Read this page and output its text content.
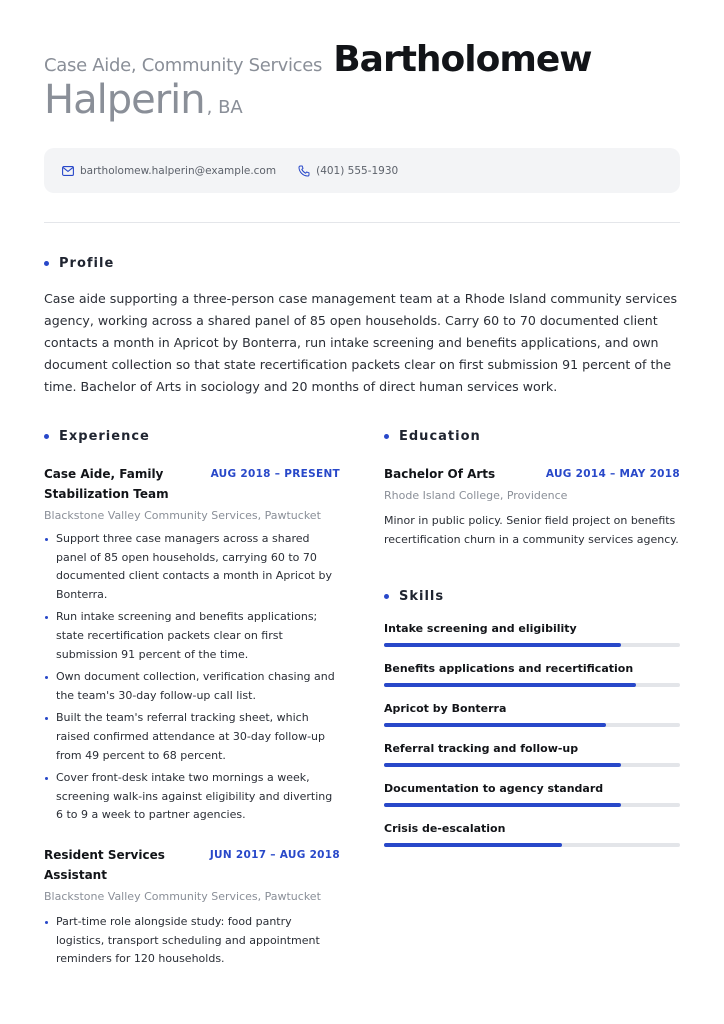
Case Aide, Community Services Bartholomew
Halperin , BA
bartholomew.halperin@example.com	(401) 555-1930
Profile

Case aide supporting a three-person case management team at a Rhode Island community services agency, working across a shared panel of 85 open households. Carry 60 to 70 documented client contacts a month in Apricot by Bonterra, run intake screening and benefits applications, and own document collection so that state recertification packets clear on first submission 91 percent of the time. Bachelor of Arts in sociology and 20 months of direct human services work.

Experience
Case Aide, Family Stabilization Team
AUG 2018 – PRESENT
Blackstone Valley Community Services, Pawtucket
Support three case managers across a shared panel of 85 open households, carrying 60 to 70 documented client contacts a month in Apricot by Bonterra.
Run intake screening and benefits applications; state recertification packets clear on first submission 91 percent of the time.
Own document collection, verification chasing and the team's 30-day follow-up call list.
Built the team's referral tracking sheet, which raised confirmed attendance at 30-day follow-up from 49 percent to 68 percent.
Cover front-desk intake two mornings a week, screening walk-ins against eligibility and diverting 6 to 9 a week to partner agencies.
Resident Services Assistant
JUN 2017 – AUG 2018
Blackstone Valley Community Services, Pawtucket
Part-time role alongside study: food pantry logistics, transport scheduling and appointment reminders for 120 households.
Education
Bachelor Of Arts	AUG 2014 – MAY 2018
Rhode Island College, Providence
Minor in public policy. Senior field project on benefits recertification churn in a community services agency.
Skills
Intake screening and eligibility
Benefits applications and recertification
Apricot by Bonterra
Referral tracking and follow-up
Documentation to agency standard
Crisis de-escalation
